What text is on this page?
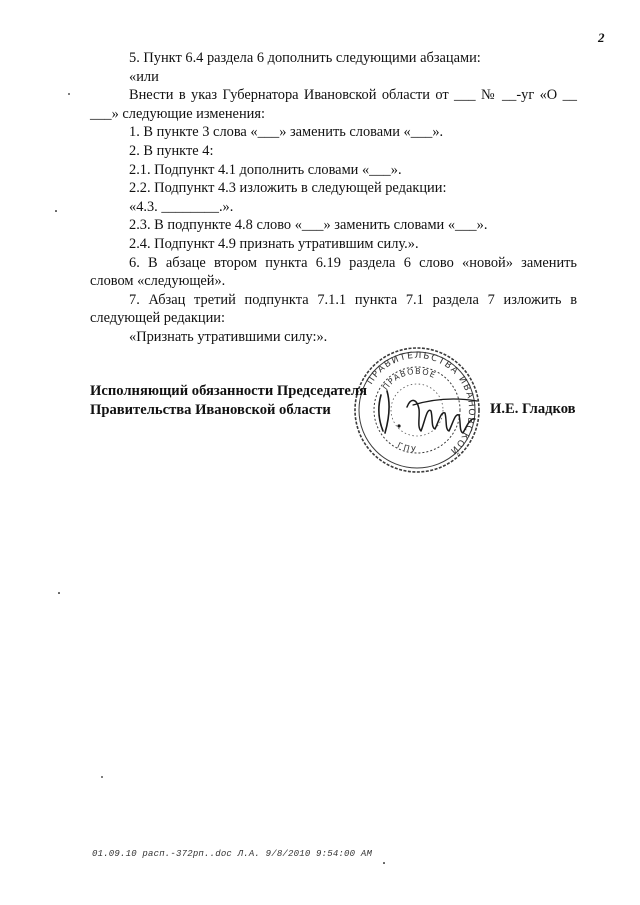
2

5. Пункт 6.4 раздела 6 дополнить следующими абзацами:

«или

Внести в указ Губернатора Ивановской области от ___ № __-уг «О __ ___» следующие изменения:

1. В пункте 3 слова «___» заменить словами «___».

2. В пункте 4:

2.1. Подпункт 4.1 дополнить словами «___».

2.2. Подпункт 4.3 изложить в следующей редакции:

«4.3. ________.».

2.3. В подпункте 4.8 слово «___» заменить словами «___».

2.4. Подпункт 4.9 признать утратившим силу.».

6. В абзаце втором пункта 6.19 раздела 6 слово «новой» заменить словом «следующей».

7. Абзац третий подпункта 7.1.1 пункта 7.1 раздела 7 изложить в следующей редакции:

«Признать утратившими силу:».

ПРАВИТЕЛЬСТВА ИВАНОВСКОЙ
ПРАВОВОЕ
ГПУ
Исполняющий обязанности Председателя
Правительства Ивановской области	И.Е. Гладков
01.09.10 расп.-372рп..doc Л.А. 9/8/2010 9:54:00 AM
